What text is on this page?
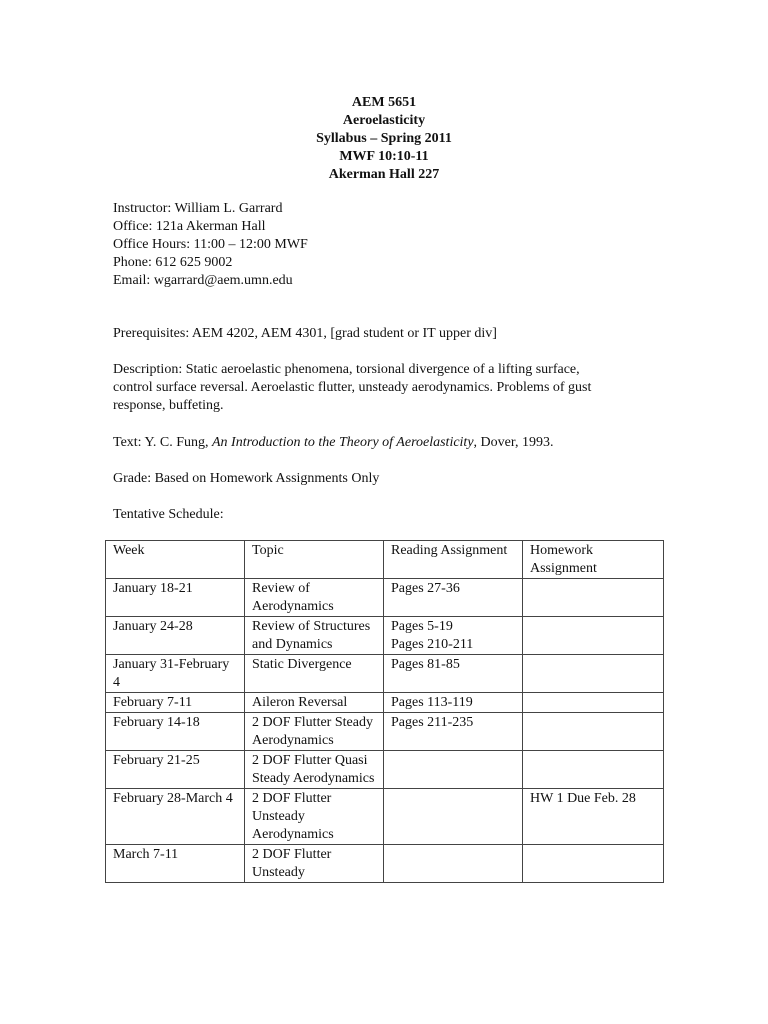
AEM 5651
Aeroelasticity
Syllabus – Spring 2011
MWF 10:10-11
Akerman Hall 227
Instructor: William L. Garrard
Office: 121a Akerman Hall
Office Hours: 11:00 – 12:00 MWF
Phone: 612 625 9002
Email: wgarrard@aem.umn.edu
Prerequisites: AEM 4202, AEM 4301, [grad student or IT upper div]
Description: Static aeroelastic phenomena, torsional divergence of a lifting surface, control surface reversal. Aeroelastic flutter, unsteady aerodynamics. Problems of gust response, buffeting.
Text: Y. C. Fung, An Introduction to the Theory of Aeroelasticity, Dover, 1993.
Grade: Based on Homework Assignments Only
Tentative Schedule:
Week	Topic	Reading Assignment	Homework Assignment
January 18-21	Review of Aerodynamics	Pages 27-36	
January 24-28	Review of Structures and Dynamics	Pages 5-19
Pages 210-211	
January 31-February 4	Static Divergence	Pages 81-85	
February 7-11	Aileron Reversal	Pages 113-119	
February 14-18	2 DOF Flutter Steady Aerodynamics	Pages 211-235	
February 21-25	2 DOF Flutter Quasi Steady Aerodynamics		
February 28-March 4	2 DOF Flutter Unsteady Aerodynamics		HW 1 Due Feb. 28
March 7-11	2 DOF Flutter Unsteady		
